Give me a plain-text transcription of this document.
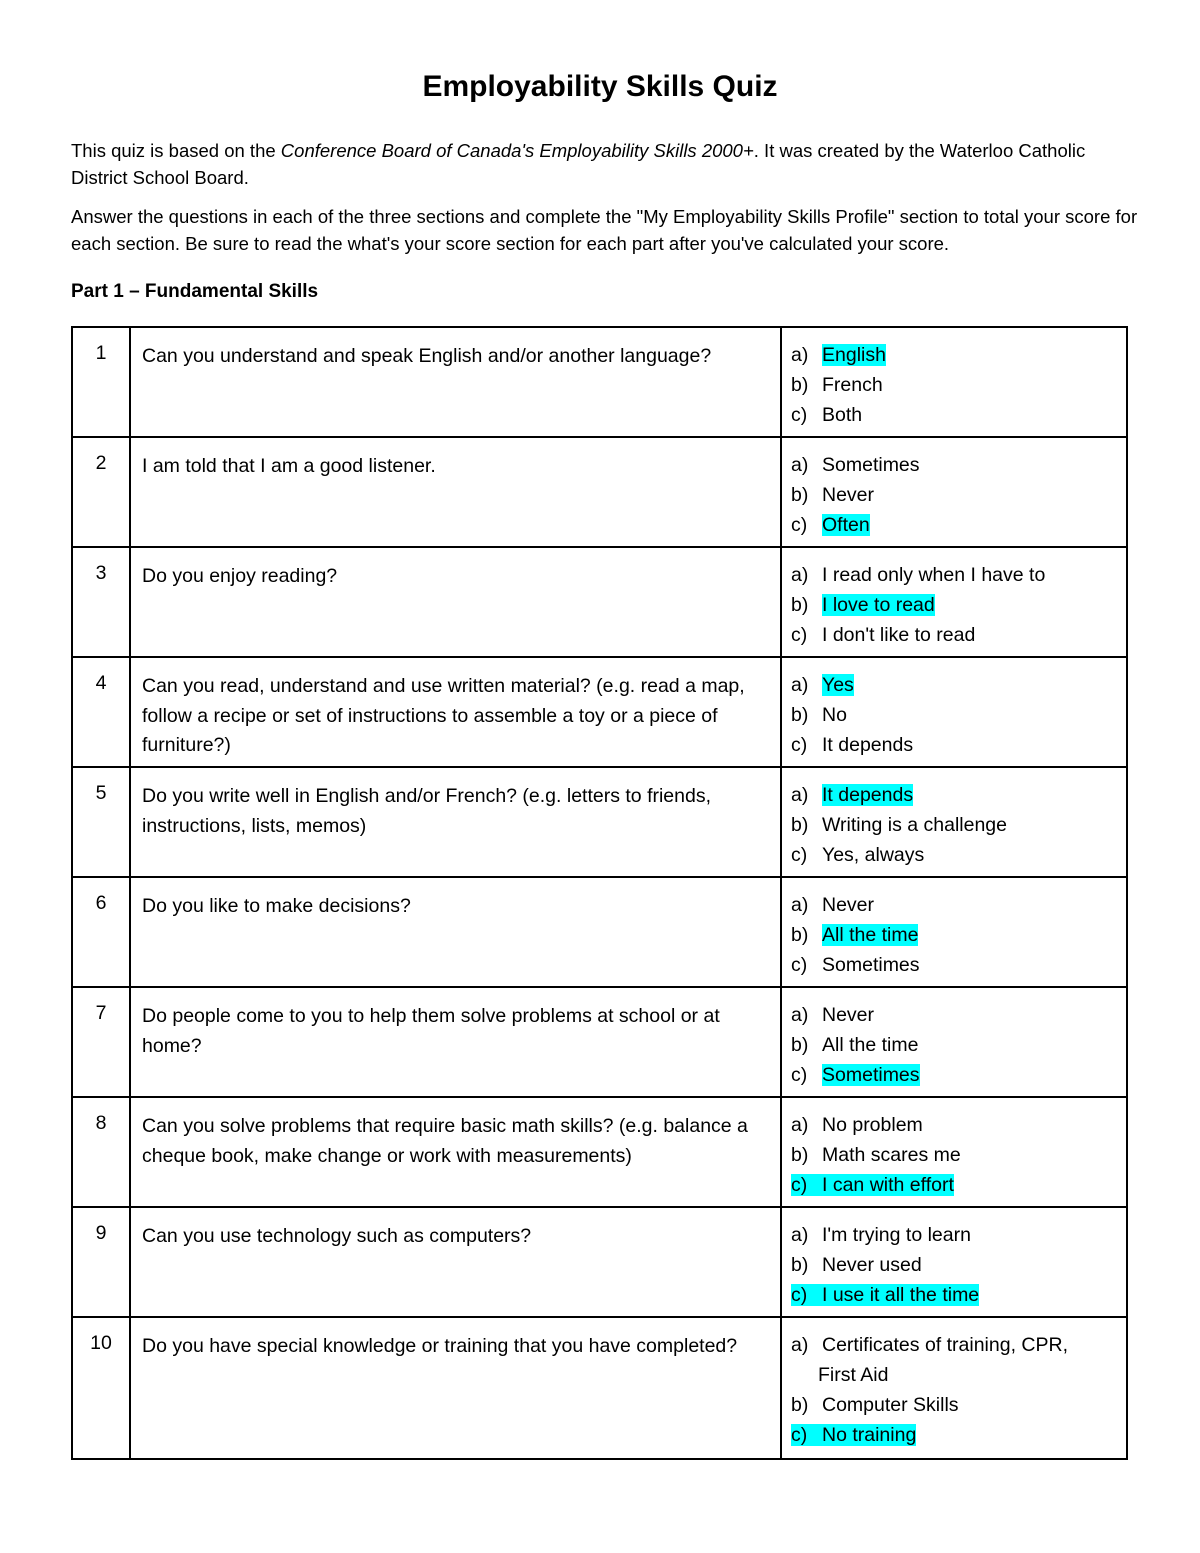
Employability Skills Quiz

This quiz is based on the Conference Board of Canada's Employability Skills 2000+. It was created by the Waterloo Catholic District School Board.

Answer the questions in each of the three sections and complete the "My Employability Skills Profile" section to total your score for each section. Be sure to read the what's your score section for each part after you've calculated your score.

Part 1 – Fundamental Skills
1	Can you understand and speak English and/or another language?	a) English
b) French
c) Both

2	I am told that I am a good listener.	a) Sometimes
b) Never
c) Often

3	Do you enjoy reading?	a) I read only when I have to
b) I love to read
c) I don't like to read

4	Can you read, understand and use written material? (e.g. read a map, follow a recipe or set of instructions to assemble a toy or a piece of furniture?)	a) Yes
b) No
c) It depends

5	Do you write well in English and/or French? (e.g. letters to friends, instructions, lists, memos)	a) It depends
b) Writing is a challenge
c) Yes, always

6	Do you like to make decisions?	a) Never
b) All the time
c) Sometimes

7	Do people come to you to help them solve problems at school or at home?	a) Never
b) All the time
c) Sometimes

8	Can you solve problems that require basic math skills? (e.g. balance a cheque book, make change or work with measurements)	a) No problem
b) Math scares me
c) I can with effort

9	Can you use technology such as computers?	a) I'm trying to learn
b) Never used
c) I use it all the time

10	Do you have special knowledge or training that you have completed?	a) Certificates of training, CPR,
First Aid
b) Computer Skills
c) No training
